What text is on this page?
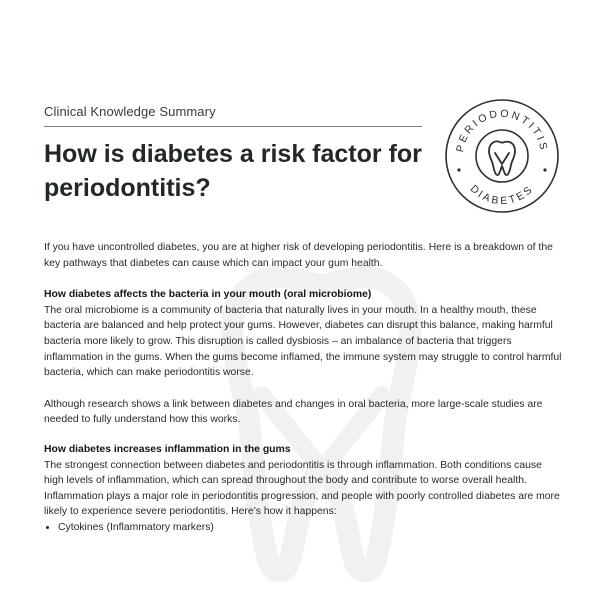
Clinical Knowledge Summary
How is diabetes a risk factor for periodontitis?
PERIODONTITIS
DIABETES

If you have uncontrolled diabetes, you are at higher risk of developing periodontitis. Here is a breakdown of the key pathways that diabetes can cause which can impact your gum health.

How diabetes affects the bacteria in your mouth (oral microbiome)

The oral microbiome is a community of bacteria that naturally lives in your mouth. In a healthy mouth, these bacteria are balanced and help protect your gums. However, diabetes can disrupt this balance, making harmful bacteria more likely to grow. This disruption is called dysbiosis – an imbalance of bacteria that triggers inflammation in the gums. When the gums become inflamed, the immune system may struggle to control harmful bacteria, which can make periodontitis worse.

Although research shows a link between diabetes and changes in oral bacteria, more large-scale studies are needed to fully understand how this works.

How diabetes increases inflammation in the gums

The strongest connection between diabetes and periodontitis is through inflammation. Both conditions cause high levels of inflammation, which can spread throughout the body and contribute to worse overall health. Inflammation plays a major role in periodontitis progression, and people with poorly controlled diabetes are more likely to experience severe periodontitis. Here’s how it happens:

• Cytokines (Inflammatory markers)
